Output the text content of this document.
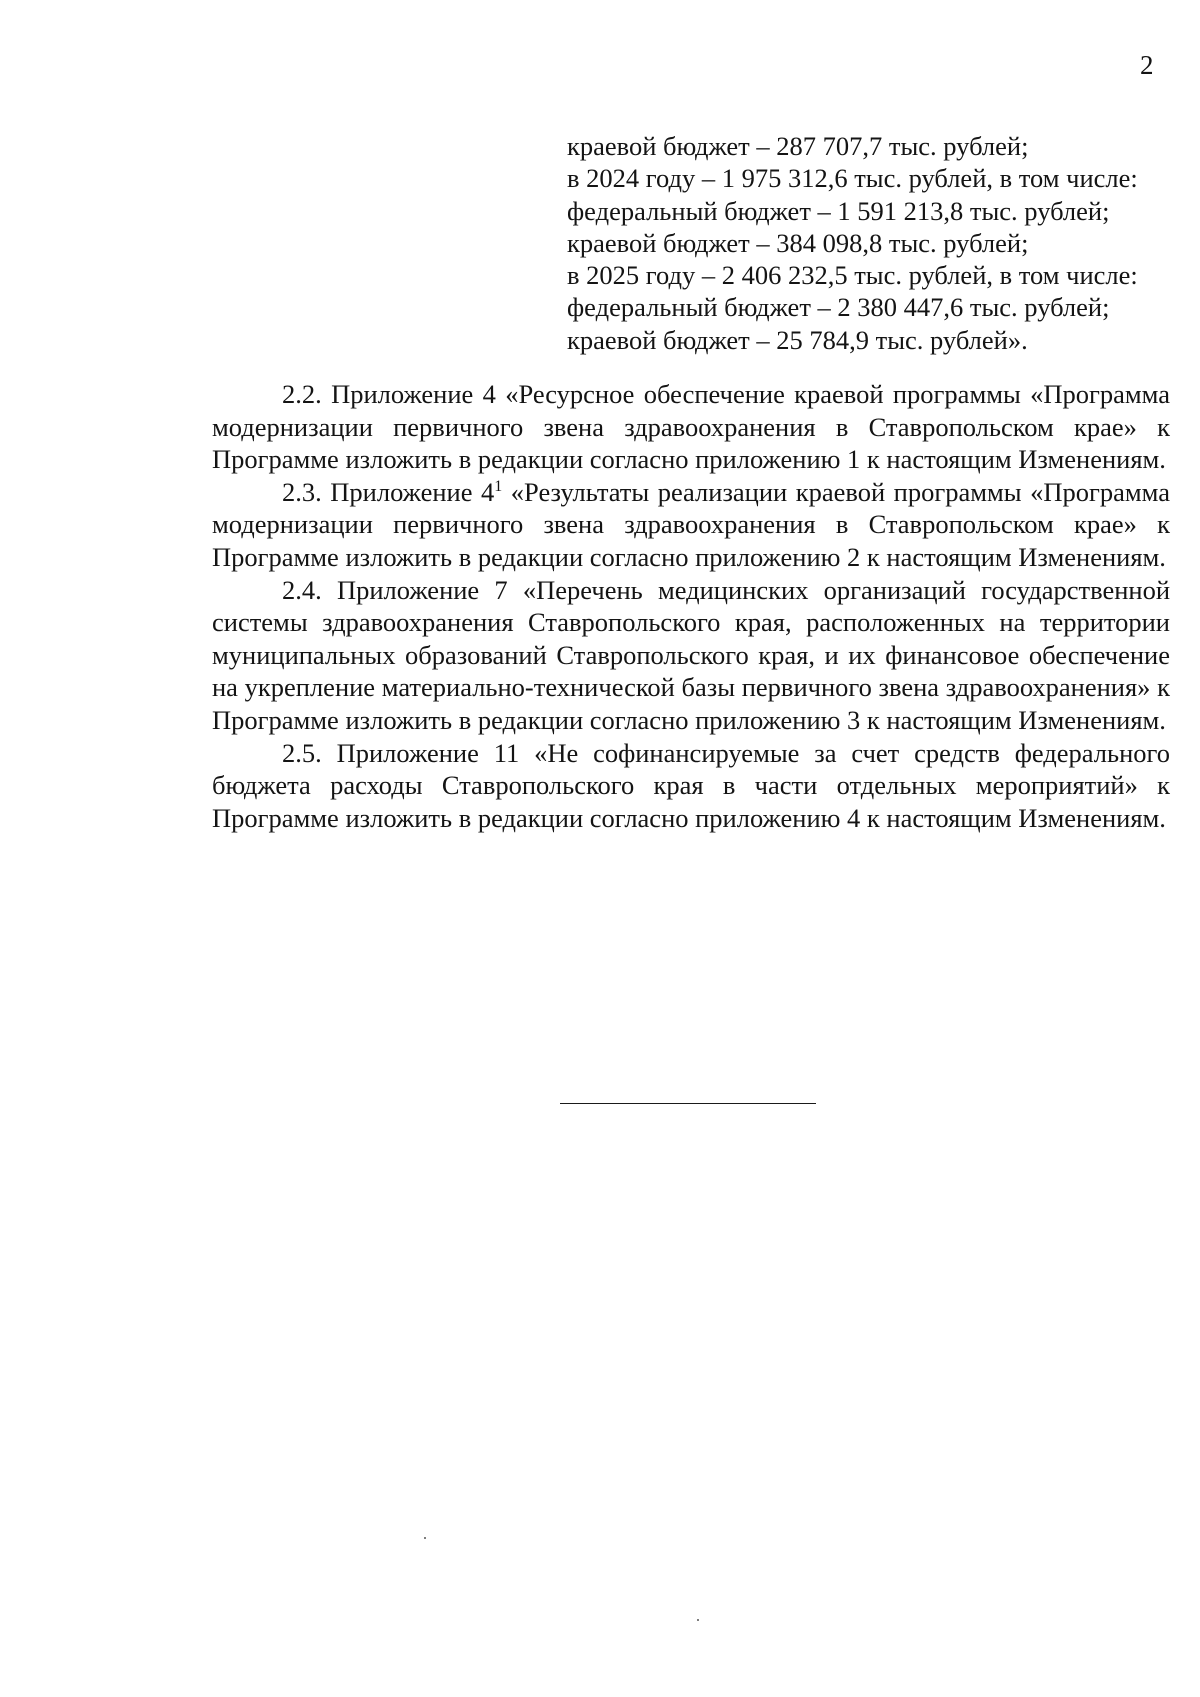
2
краевой бюджет – 287 707,7 тыс. рублей;
в 2024 году – 1 975 312,6 тыс. рублей, в том числе:
федеральный бюджет – 1 591 213,8 тыс. рублей;
краевой бюджет – 384 098,8 тыс. рублей;
в 2025 году – 2 406 232,5 тыс. рублей, в том числе:
федеральный бюджет – 2 380 447,6 тыс. рублей;
краевой бюджет – 25 784,9 тыс. рублей».

2.2. Приложение 4 «Ресурсное обеспечение краевой программы «Программа модернизации первичного звена здравоохранения в Ставропольском крае» к Программе изложить в редакции согласно приложению 1 к настоящим Изменениям.

2.3. Приложение $4^1$ «Результаты реализации краевой программы «Программа модернизации первичного звена здравоохранения в Ставропольском крае» к Программе изложить в редакции согласно приложению 2 к настоящим Изменениям.

2.4. Приложение 7 «Перечень медицинских организаций государственной системы здравоохранения Ставропольского края, расположенных на территории муниципальных образований Ставропольского края, и их финансовое обеспечение на укрепление материально-технической базы первичного звена здравоохранения» к Программе изложить в редакции согласно приложению 3 к настоящим Изменениям.

2.5. Приложение 11 «Не софинансируемые за счет средств федерального бюджета расходы Ставропольского края в части отдельных мероприятий» к Программе изложить в редакции согласно приложению 4 к настоящим Изменениям.
